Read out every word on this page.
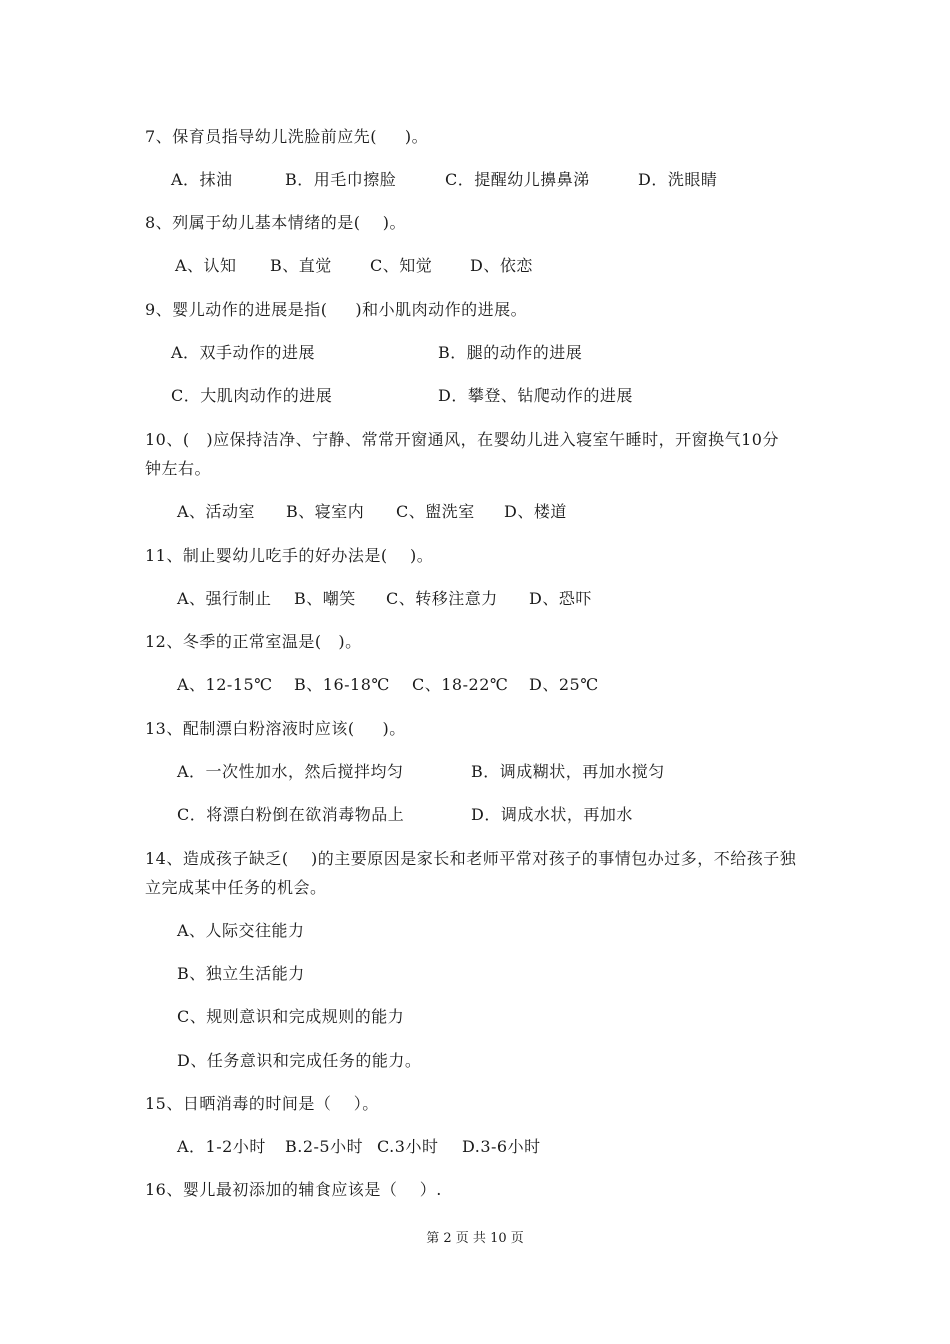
7、保育员指导幼儿洗脸前应先(     )。
A．抹油	B．用毛巾擦脸	C．提醒幼儿擤鼻涕	D．洗眼睛
8、列属于幼儿基本情绪的是(    )。
A、认知 B、直觉 C、知觉 D、依恋
9、婴儿动作的进展是指(     )和小肌肉动作的进展。
A．双手动作的进展	B．腿的动作的进展
C．大肌肉动作的进展	D．攀登、钻爬动作的进展
10、(   )应保持洁净、宁静、常常开窗通风，在婴幼儿进入寝室午睡时，开窗换气10分
钟左右。
A、活动室 B、寝室内 C、盥洗室 D、楼道
11、制止婴幼儿吃手的好办法是(    )。
A、强行制止 B、嘲笑 C、转移注意力 D、恐吓
12、冬季的正常室温是(   )。
A、12-15℃ B、16-18℃ C、18-22℃ D、25℃
13、配制漂白粉溶液时应该(     )。
A．一次性加水，然后搅拌均匀	B．调成糊状，再加水搅匀
C．将漂白粉倒在欲消毒物品上	D．调成水状，再加水
14、造成孩子缺乏(    )的主要原因是家长和老师平常对孩子的事情包办过多，不给孩子独
立完成某中任务的机会。
A、人际交往能力
B、独立生活能力
C、规则意识和完成规则的能力
D、任务意识和完成任务的能力。
15、日晒消毒的时间是（    ）。
A．1-2小时 B.2-5小时 C.3小时 D.3-6小时
16、婴儿最初添加的辅食应该是（    ）.
第 2 页 共 10 页
